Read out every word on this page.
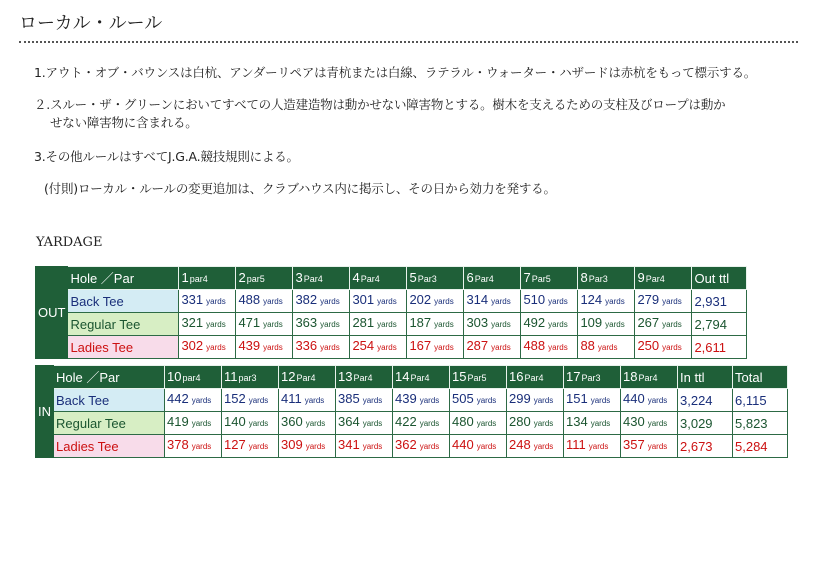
ローカル・ルール
1.アウト・オブ・バウンスは白杭、アンダーリペアは青杭または白線、ラテラル・ウォーター・ハザードは赤杭をもって標示する。
２.スルー・ザ・グリーンにおいてすべての人造建造物は動かせない障害物とする。樹木を支えるための支柱及びロープは動か
せない障害物に含まれる。
3.その他ルールはすべてJ.G.A.競技規則による。
(付則)ローカル・ルールの変更追加は、クラブハウス内に掲示し、その日から効力を発する。
YARDAGE
OUT	Hole ／Par	1par4	2par5	3Par4	4Par4	5Par3	6Par4	7Par5	8Par3	9Par4	Out ttl
	Back Tee	331 yards	488 yards	382 yards	301 yards	202 yards	314 yards	510 yards	124 yards	279 yards	2,931
	Regular Tee	321 yards	471 yards	363 yards	281 yards	187 yards	303 yards	492 yards	109 yards	267 yards	2,794
	Ladies Tee	302 yards	439 yards	336 yards	254 yards	167 yards	287 yards	488 yards	88 yards	250 yards	2,611
IN	Hole ／Par	10par4	11par3	12Par4	13Par4	14Par4	15Par5	16Par4	17Par3	18Par4	In ttl	Total
	Back Tee	442 yards	152 yards	411 yards	385 yards	439 yards	505 yards	299 yards	151 yards	440 yards	3,224	6,115
	Regular Tee	419 yards	140 yards	360 yards	364 yards	422 yards	480 yards	280 yards	134 yards	430 yards	3,029	5,823
	Ladies Tee	378 yards	127 yards	309 yards	341 yards	362 yards	440 yards	248 yards	111 yards	357 yards	2,673	5,284
